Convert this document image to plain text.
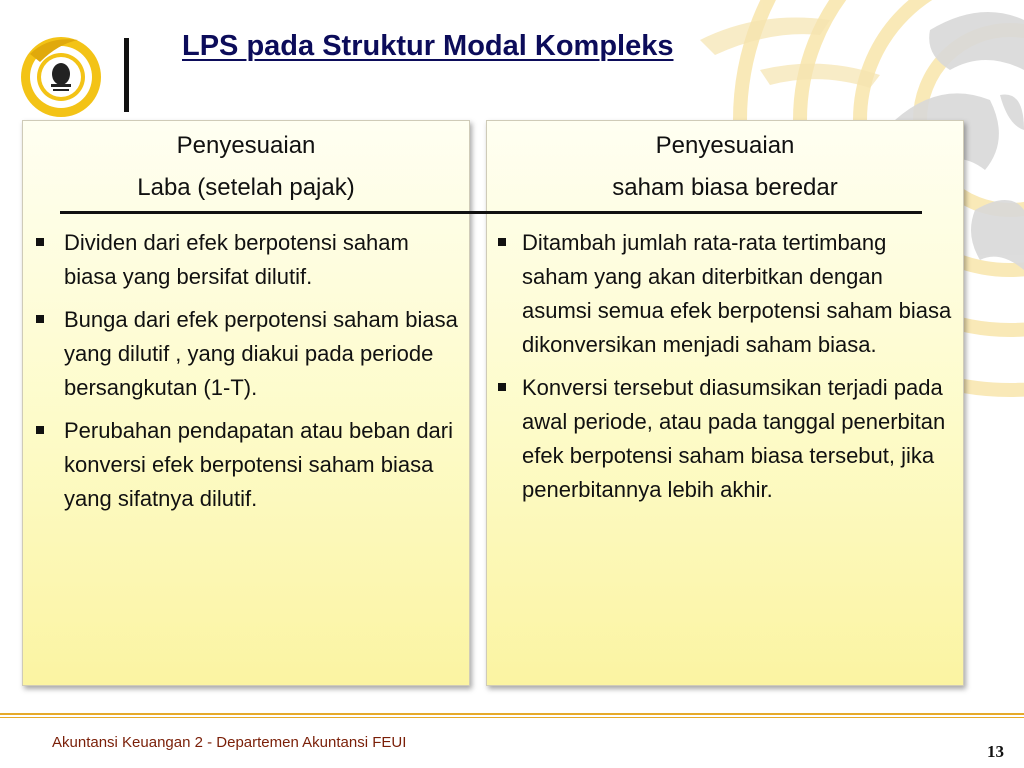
LPS pada Struktur Modal Kompleks
Penyesuaian
Laba (setelah pajak)
Penyesuaian
saham biasa beredar
Dividen dari efek berpotensi saham biasa yang bersifat dilutif.
Bunga dari efek perpotensi saham biasa yang dilutif , yang diakui pada periode bersangkutan (1-T).
Perubahan pendapatan atau beban dari konversi efek berpotensi saham biasa yang sifatnya dilutif.
Ditambah jumlah rata-rata tertimbang saham yang akan diterbitkan dengan asumsi semua efek berpotensi saham biasa dikonversikan menjadi saham biasa.
Konversi tersebut diasumsikan terjadi pada awal periode, atau pada tanggal penerbitan efek berpotensi saham biasa tersebut, jika penerbitannya lebih akhir.
Akuntansi Keuangan 2 - Departemen Akuntansi FEUI	13
